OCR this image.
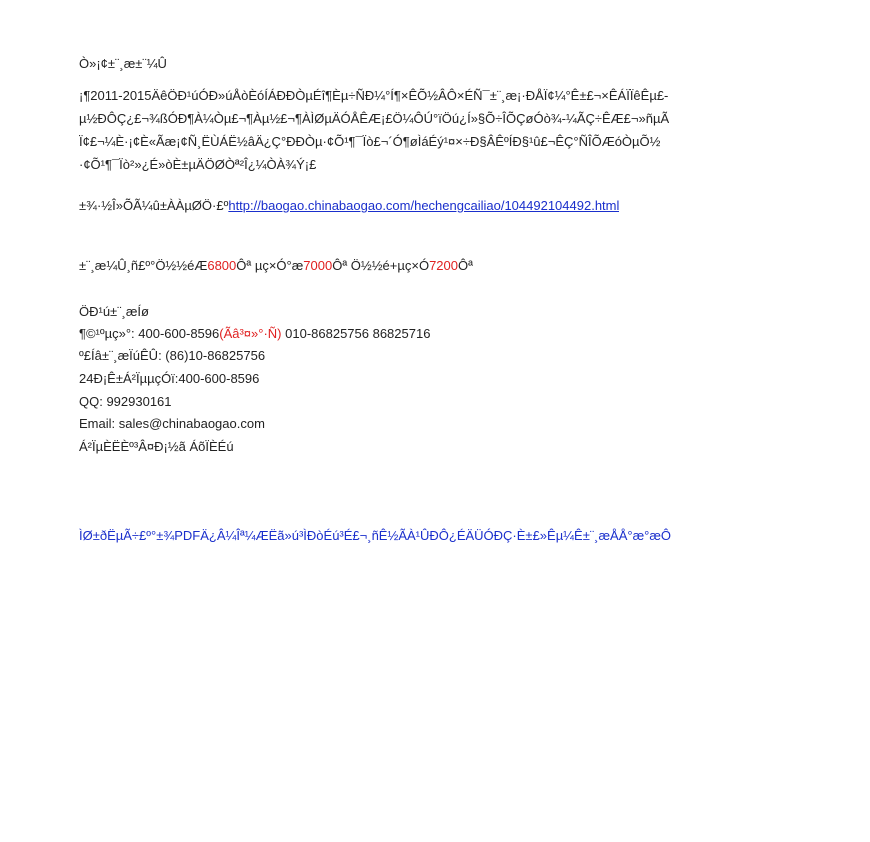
Ò»¡¢±¨¸æ±¨¼Û
¡¶2011-2015ÄêÖÐ¹úÓÐ»úÅòÈóÍÁÐÐÒµÉî¶Èµ÷ÑÐ¼°Í¶×ÊÕ½ÂÔ×ÉÑ¯±¨¸æ¡·ÐÅÏ¢¼°Ê±£¬×ÊÁÏÏêÊµ£-
µ½ÐÔÇ¿£¬¾ßÓÐ¶À¼Òµ£¬¶Àµ½£¬¶ÀÌØµÄÓÅÊÆ¡£Ö¼ÔÚ°ïÖú¿Í»§Õ÷ÎÕÇøÓò¾-¼ÃÇ÷ÊÆ£¬»ñµÃ
Ï¢£¬¼È·¡¢È«Ãæ¡¢Ñ¸ËÙÁË½âÄ¿Ç°ÐÐÒµ·¢Õ¹¶¯Ïò£¬´Ó¶øÌáÉý¹¤×÷Ð§ÂÊºÍÐ§¹û£¬ÊÇ°ÑÎÕÆóÒµÕ½
·¢Õ¹¶¯Ïò²»¿É»òÈ±µÄÖØÒª²Î¿¼ÒÀ¾Ý¡£
±¾·½Î»ÕÃ¼û±ÀÀµØÖ·£ºhttp://baogao.chinabaogao.com/hechengcailiao/104492104492.html
±¨¸æ¼Û¸ñ£º°Ö½½éÆ6800Ôª µç×Ó°æ7000Ôª Ö½½é+µç×Ó7200Ôª
ÖÐ¹ú±¨¸æÍø
¶©¹ºµç»°: 400-600-8596(Ãâ³¤»°·Ñ) 010-86825756 86825716
º£Íâ±¨¸æÏúÊÛ: (86)10-86825756
24Ð¡Ê±Á²ÏµµçÓï:400-600-8596
QQ: 992930161
Email: sales@chinabaogao.com
Á²ÏµÈËÈº³Â¤Ð¡½ã ÁõÏÈÉú
ÌØ±ðËµÃ÷£º°±¾PDFÄ¿Â¼Îª¼ÆËã»ú³ÌÐòÉú³É£¬¸ñÊ½ÃÀ¹ÛÐÔ¿ÉÄÜÓÐÇ·È±£»Êµ¼Ê±¨¸æÅÅ°æ°æÔ
